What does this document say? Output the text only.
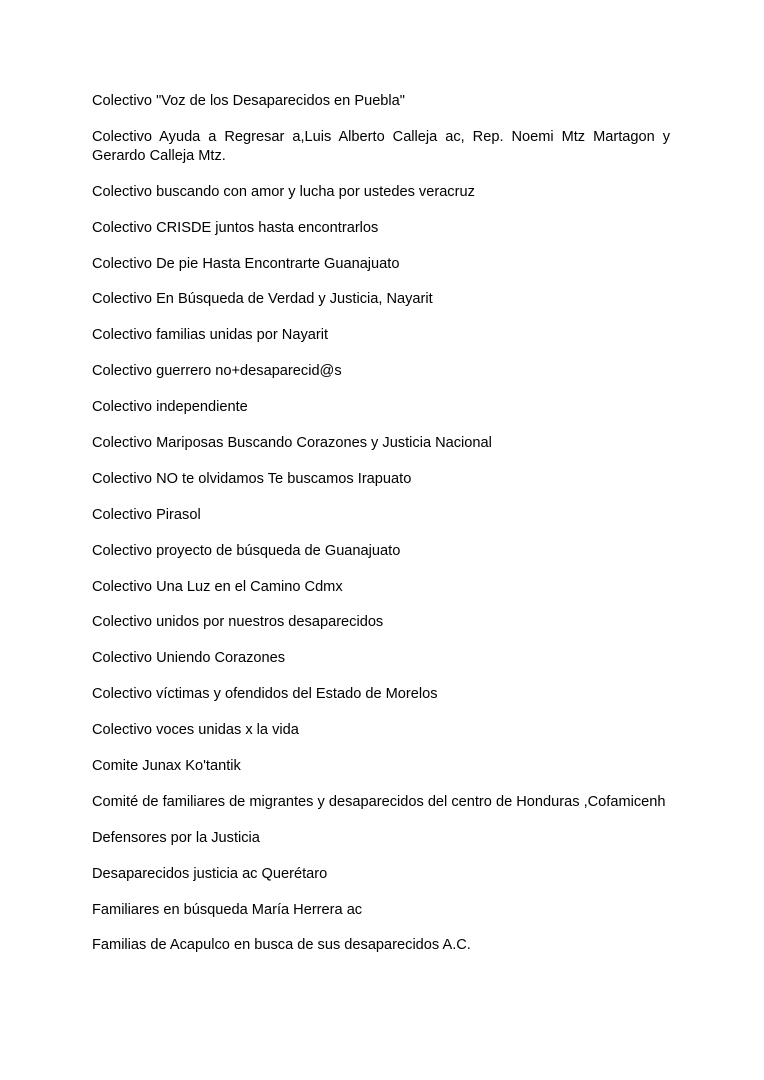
Colectivo "Voz de los Desaparecidos en Puebla"
Colectivo Ayuda a Regresar a,Luis Alberto Calleja ac, Rep. Noemi Mtz Martagon y Gerardo Calleja Mtz.
Colectivo buscando con amor y lucha por ustedes veracruz
Colectivo CRISDE juntos hasta encontrarlos
Colectivo De pie Hasta Encontrarte Guanajuato
Colectivo En Búsqueda de Verdad y Justicia, Nayarit
Colectivo familias unidas por Nayarit
Colectivo guerrero no+desaparecid@s
Colectivo independiente
Colectivo Mariposas Buscando Corazones y Justicia Nacional
Colectivo NO te olvidamos Te buscamos Irapuato
Colectivo Pirasol
Colectivo proyecto de búsqueda de Guanajuato
Colectivo Una Luz en el Camino Cdmx
Colectivo unidos por nuestros desaparecidos
Colectivo Uniendo Corazones
Colectivo víctimas y ofendidos del Estado de Morelos
Colectivo voces unidas x la vida
Comite Junax Ko'tantik
Comité de familiares de migrantes y desaparecidos del centro de Honduras ,Cofamicenh
Defensores por la Justicia
Desaparecidos justicia ac Querétaro
Familiares en búsqueda María Herrera ac
Familias de Acapulco en busca de sus desaparecidos A.C.
